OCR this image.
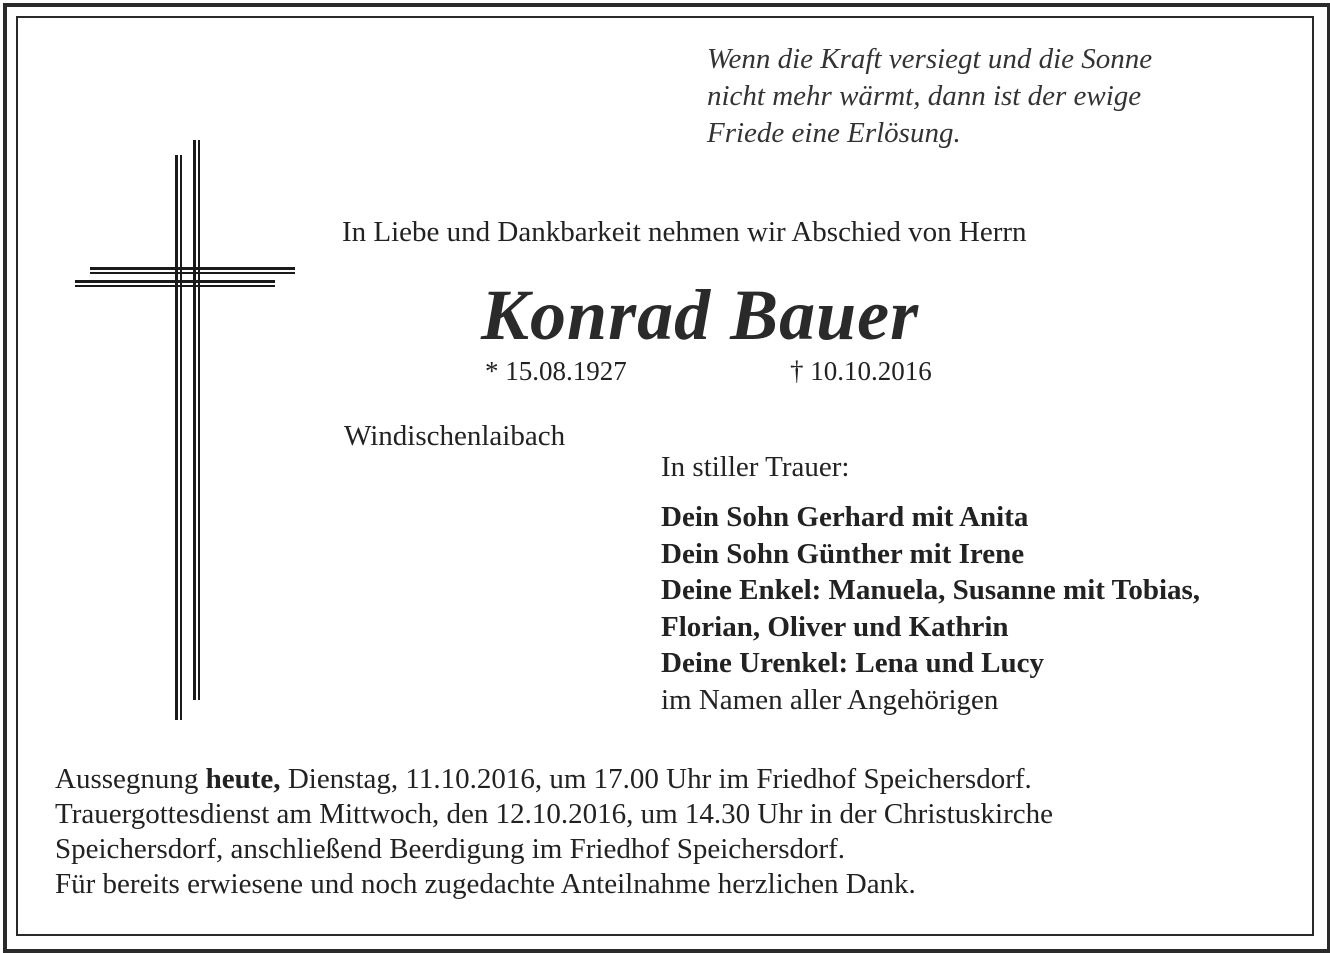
Wenn die Kraft versiegt und die Sonne
nicht mehr wärmt, dann ist der ewige
Friede eine Erlösung.
In Liebe und Dankbarkeit nehmen wir Abschied von Herrn
Konrad Bauer
* 15.08.1927	† 10.10.2016
Windischenlaibach
In stiller Trauer:
Dein Sohn Gerhard mit Anita
Dein Sohn Günther mit Irene
Deine Enkel: Manuela, Susanne mit Tobias,
Florian, Oliver und Kathrin
Deine Urenkel: Lena und Lucy
im Namen aller Angehörigen
Aussegnung heute, Dienstag, 11.10.2016, um 17.00 Uhr im Friedhof Speichersdorf.
Trauergottesdienst am Mittwoch, den 12.10.2016, um 14.30 Uhr in der Christuskirche
Speichersdorf, anschließend Beerdigung im Friedhof Speichersdorf.
Für bereits erwiesene und noch zugedachte Anteilnahme herzlichen Dank.
